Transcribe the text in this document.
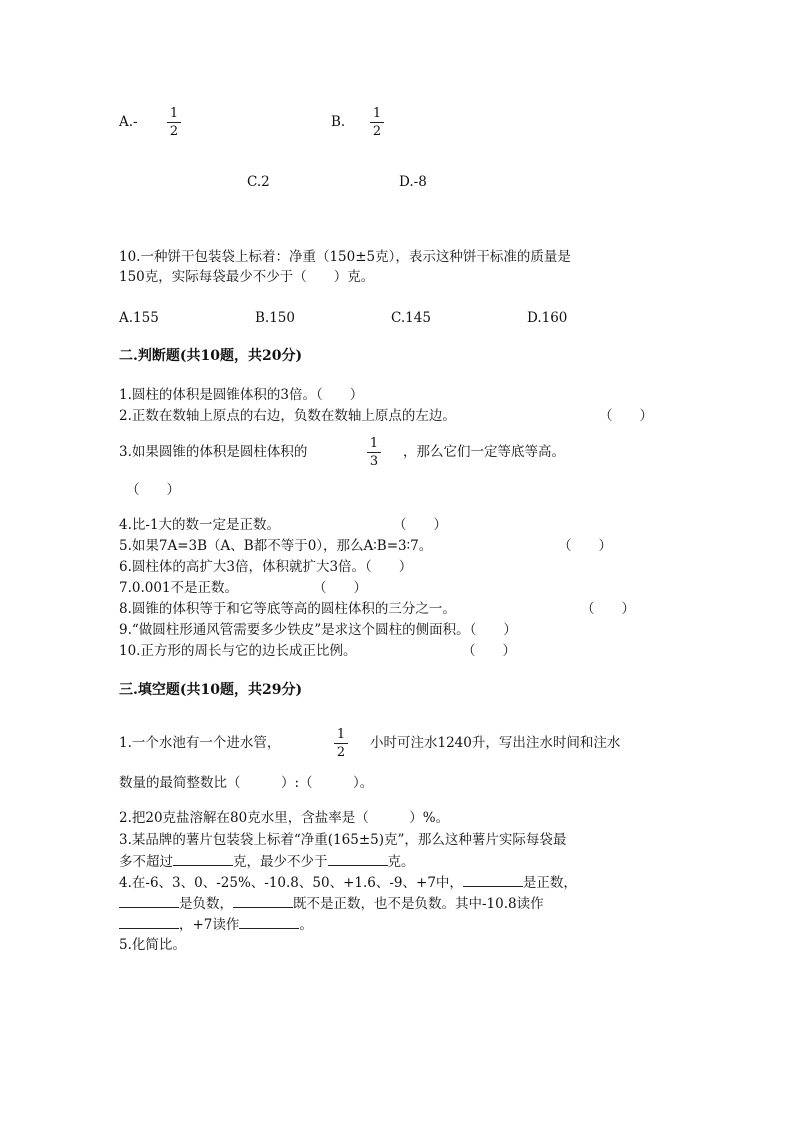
A.-
1
2
B.
1
2
C.2	D.-8
10.一种饼干包装袋上标着：净重（150±5克），表示这种饼干标准的质量是
150克，实际每袋最少不少于（　　）克。
A.155	B.150	C.145	D.160
二.判断题(共10题，共20分)
1.圆柱的体积是圆锥体积的3倍。（　　）
2.正数在数轴上原点的右边，负数在数轴上原点的左边。	（　　）
3.如果圆锥的体积是圆柱体积的
1
3
，那么它们一定等底等高。
（　　）
4.比-1大的数一定是正数。	（　　）
5.如果7A=3B（A、B都不等于0），那么A∶B=3∶7。	（　　）
6.圆柱体的高扩大3倍，体积就扩大3倍。（　　）
7.0.001不是正数。	（　　）
8.圆锥的体积等于和它等底等高的圆柱体积的三分之一。	（　　）
9.“做圆柱形通风管需要多少铁皮”是求这个圆柱的侧面积。（　　）
10.正方形的周长与它的边长成正比例。	（　　）
三.填空题(共10题，共29分)
1.一个水池有一个进水管，
1
2
小时可注水1240升，写出注水时间和注水
数量的最简整数比（　　　）:（　　　）。
2.把20克盐溶解在80克水里，含盐率是（　　　）%。
3.某品牌的薯片包装袋上标着“净重(165±5)克”，那么这种薯片实际每袋最
多不超过	克，最少不少于	克。
4.在-6、3、0、-25%、-10.8、50、+1.6、-9、+7中，	是正数，
是负数，	既不是正数，也不是负数。其中-10.8读作
，+7读作	。
5.化简比。
